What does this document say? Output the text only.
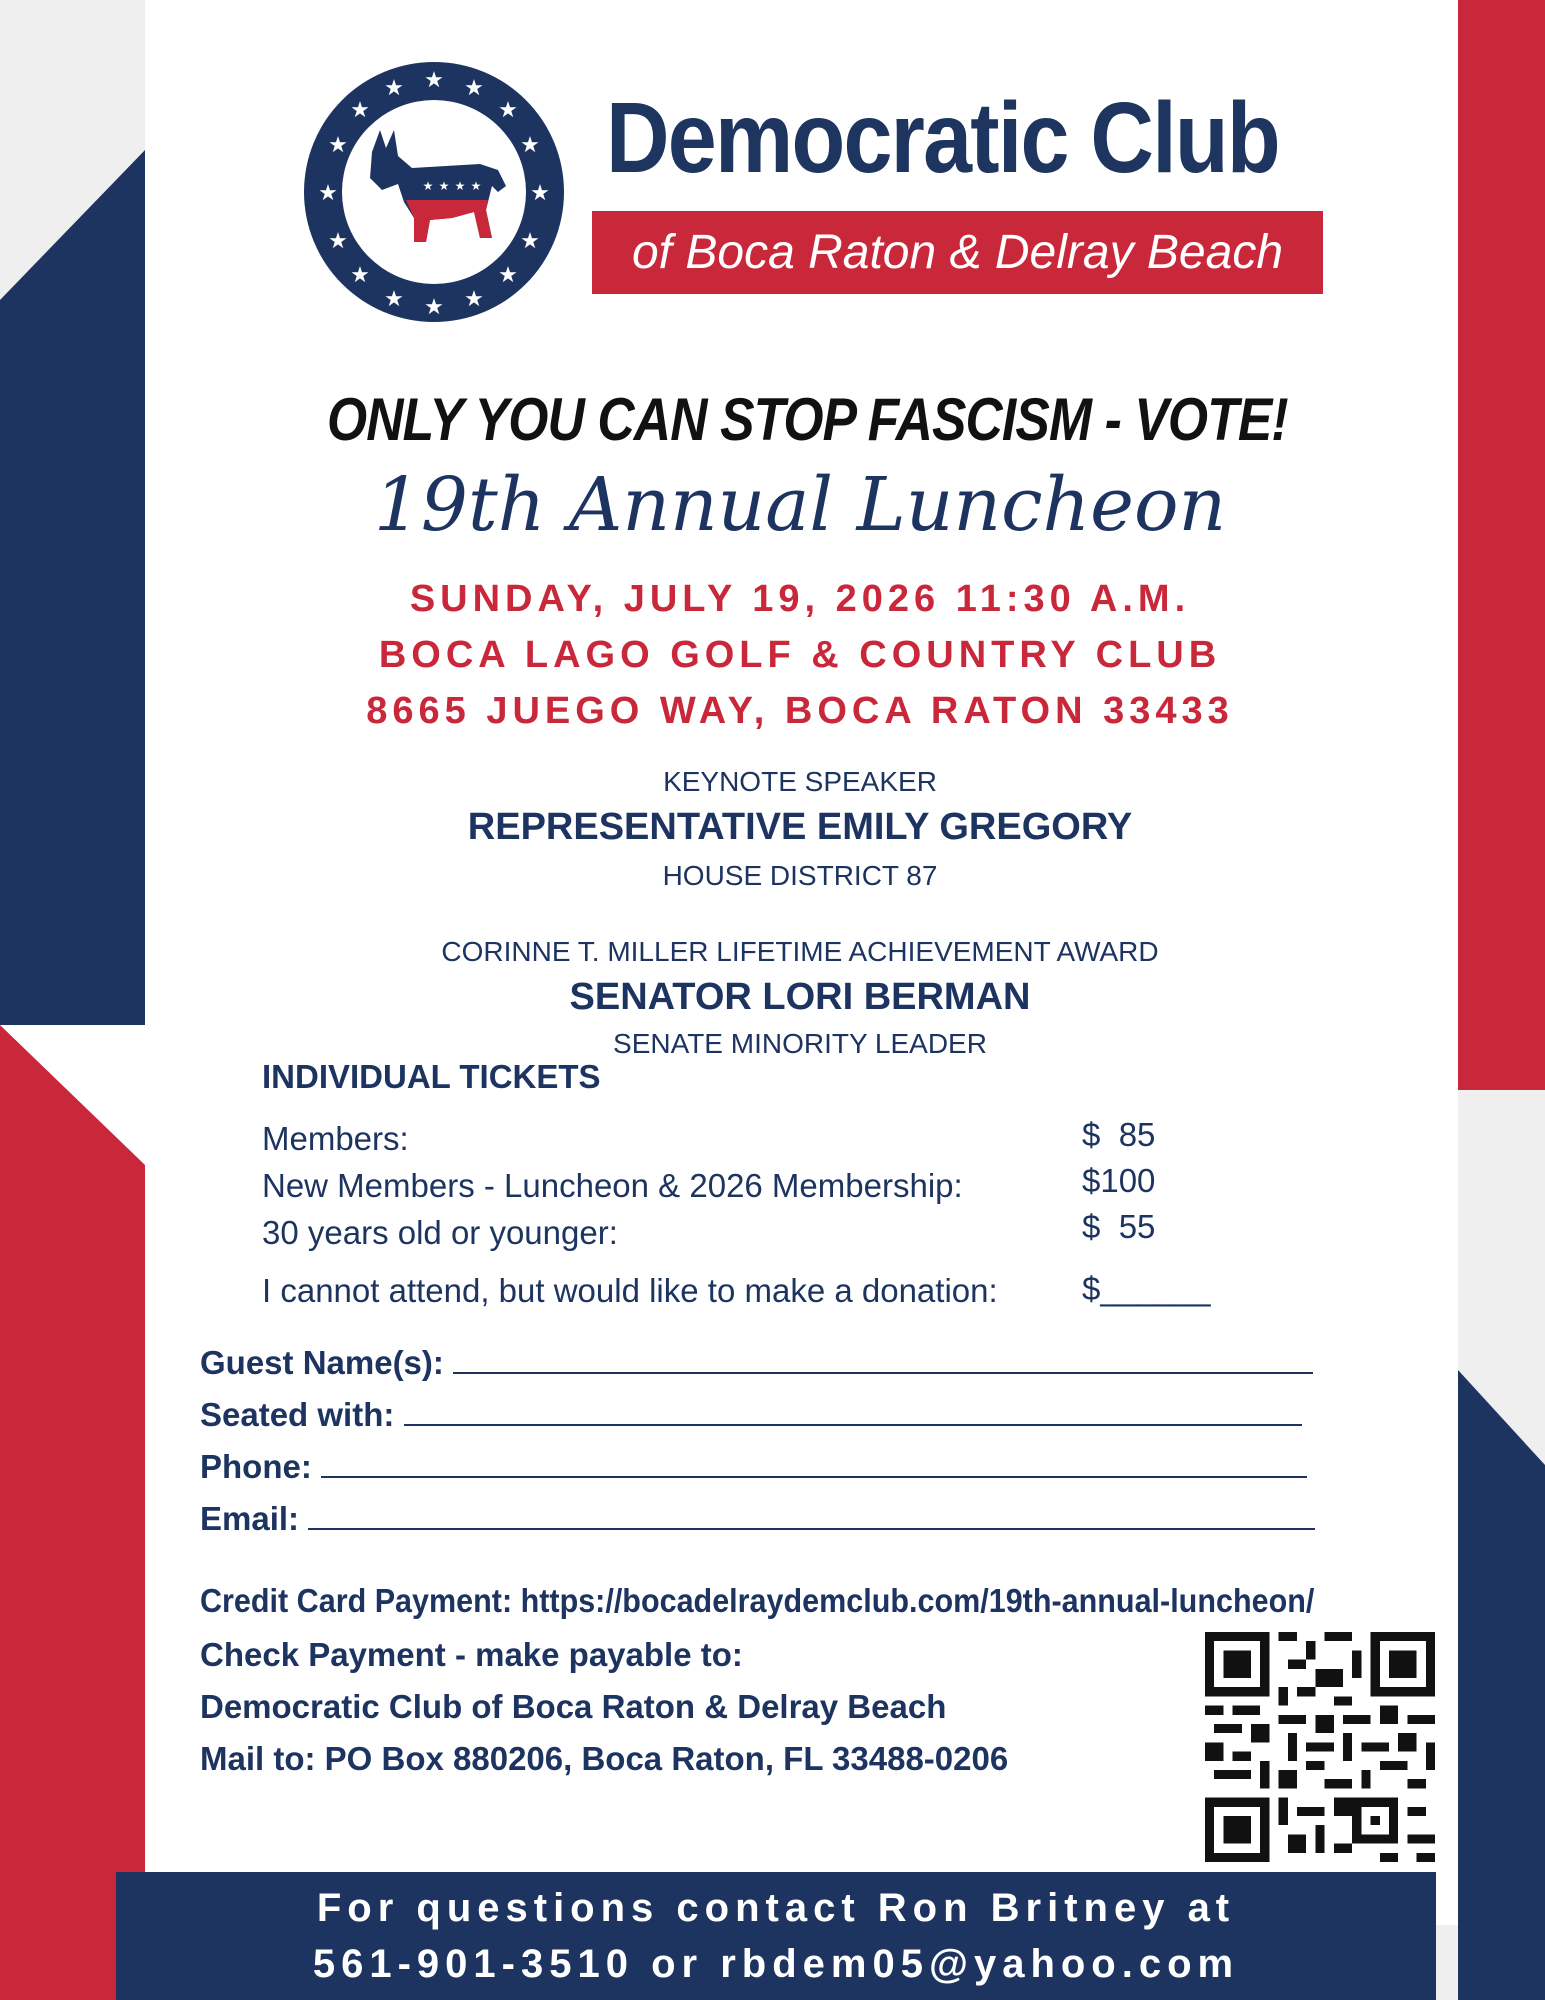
★ ★
★
★
★
★
★
★
★
★
★
★
★
★
★
★
★ ★ ★ ★ Democratic Club
of Boca Raton & Delray Beach
ONLY YOU CAN STOP FASCISM - VOTE!
19th Annual Luncheon
SUNDAY, JULY 19, 2026 11:30 A.M.
BOCA LAGO GOLF & COUNTRY CLUB
8665 JUEGO WAY, BOCA RATON 33433
KEYNOTE SPEAKER
REPRESENTATIVE EMILY GREGORY
HOUSE DISTRICT 87
CORINNE T. MILLER LIFETIME ACHIEVEMENT AWARD
SENATOR LORI BERMAN
SENATE MINORITY LEADER
INDIVIDUAL TICKETS
Members:	$  85
New Members - Luncheon & 2026 Membership:	$100
30 years old or younger:	$  55
I cannot attend, but would like to make a donation:	$______
Guest Name(s):
Seated with:
Phone:
Email:
Credit Card Payment: https://bocadelraydemclub.com/19th-annual-luncheon/
Check Payment - make payable to:
Democratic Club of Boca Raton & Delray Beach
Mail to: PO Box 880206, Boca Raton, FL 33488-0206
For questions contact Ron Britney at
561-901-3510 or rbdem05@yahoo.com
